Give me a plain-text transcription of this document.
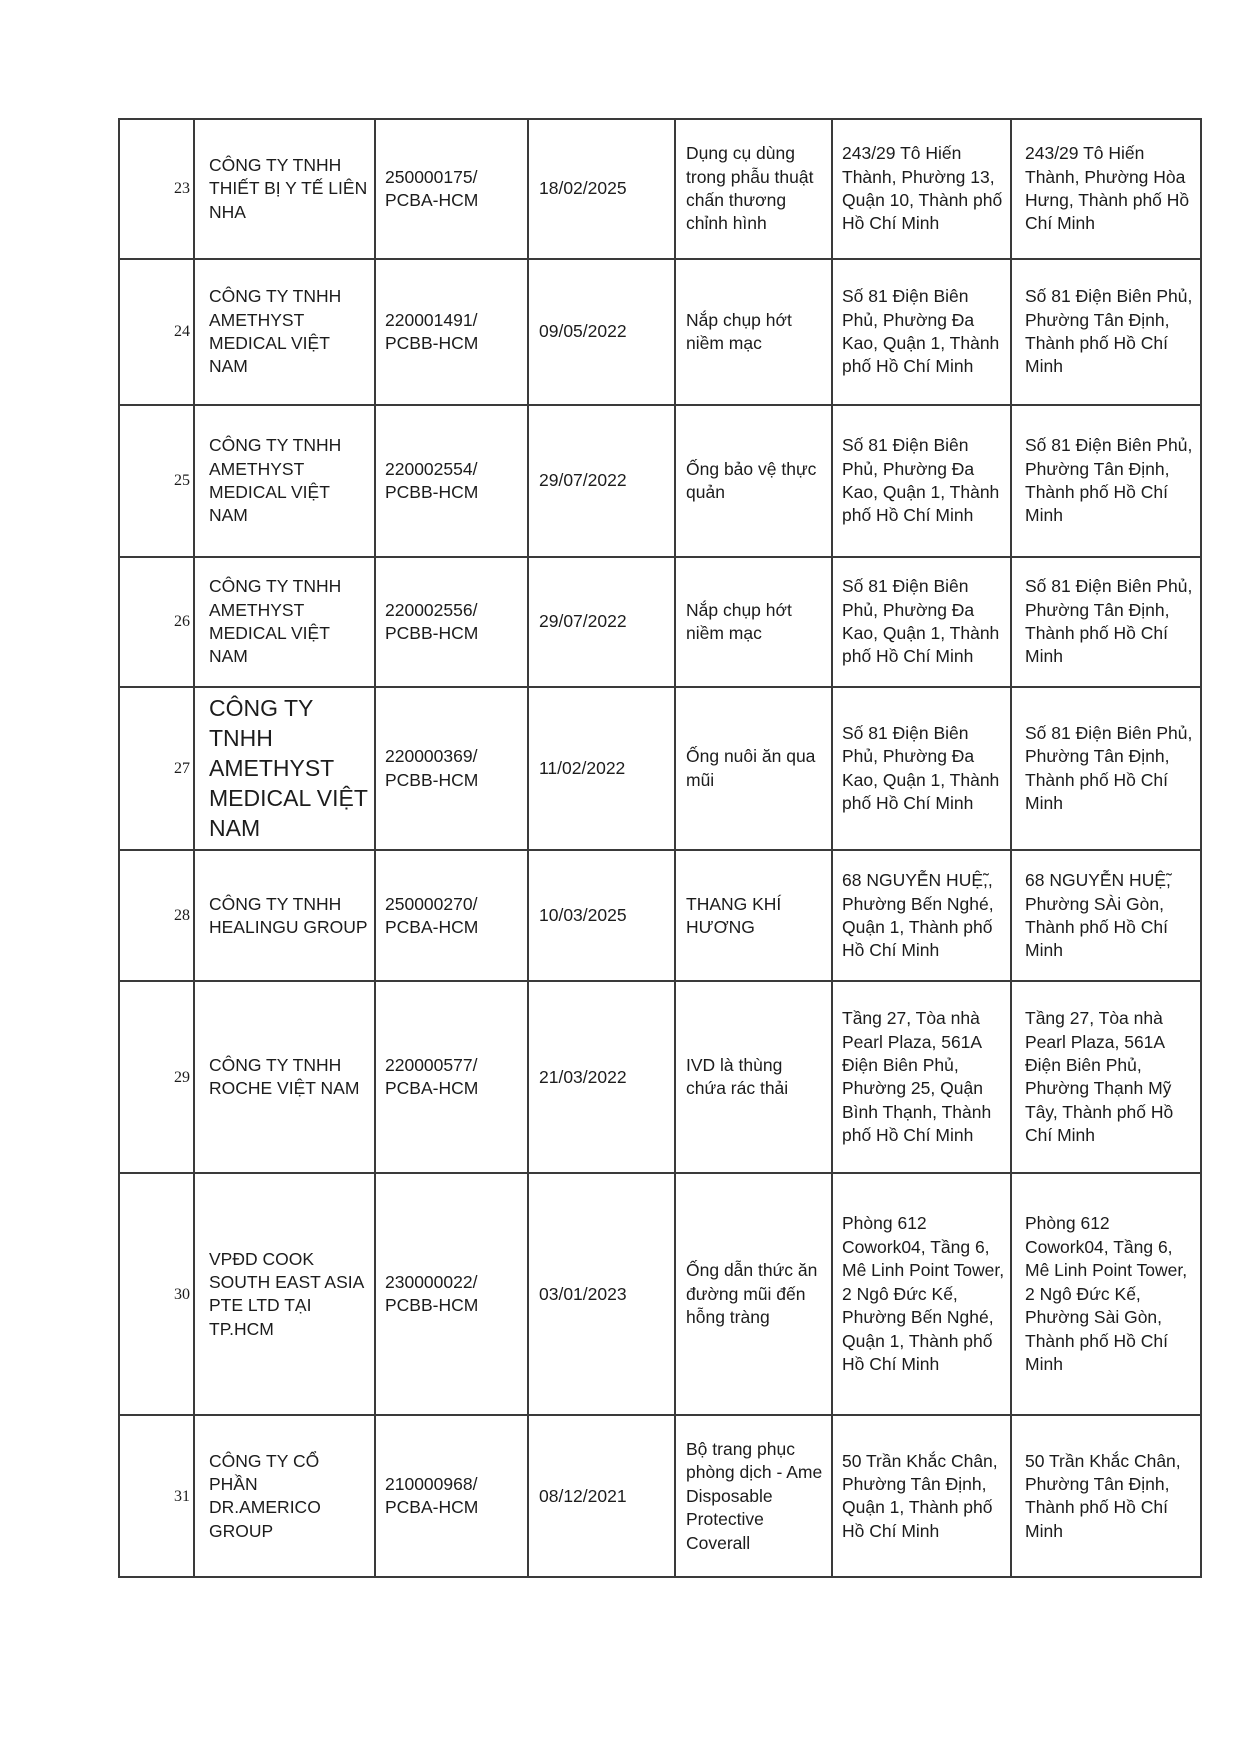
23	CÔNG TY TNHH THIẾT BỊ Y TẾ LIÊN NHA	250000175/
PCBA-HCM	18/02/2025	Dụng cụ dùng trong phẫu thuật chấn thương chỉnh hình	243/29 Tô Hiến Thành, Phường 13, Quận 10, Thành phố Hồ Chí Minh	243/29 Tô Hiến Thành, Phường Hòa Hưng, Thành phố Hồ Chí Minh
24	CÔNG TY TNHH AMETHYST MEDICAL VIỆT NAM	220001491/
PCBB-HCM	09/05/2022	Nắp chụp hớt niềm mạc	Số 81 Điện Biên Phủ, Phường Đa Kao, Quận 1, Thành phố Hồ Chí Minh	Số 81 Điện Biên Phủ, Phường Tân Định, Thành phố Hồ Chí Minh
25	CÔNG TY TNHH AMETHYST MEDICAL VIỆT NAM	220002554/
PCBB-HCM	29/07/2022	Ống bảo vệ thực quản	Số 81 Điện Biên Phủ, Phường Đa Kao, Quận 1, Thành phố Hồ Chí Minh	Số 81 Điện Biên Phủ, Phường Tân Định, Thành phố Hồ Chí Minh
26	CÔNG TY TNHH AMETHYST MEDICAL VIỆT NAM	220002556/
PCBB-HCM	29/07/2022	Nắp chụp hớt niềm mạc	Số 81 Điện Biên Phủ, Phường Đa Kao, Quận 1, Thành phố Hồ Chí Minh	Số 81 Điện Biên Phủ, Phường Tân Định, Thành phố Hồ Chí Minh
27	CÔNG TY TNHH AMETHYST MEDICAL VIỆT NAM	220000369/
PCBB-HCM	11/02/2022	Ống nuôi ăn qua mũi	Số 81 Điện Biên Phủ, Phường Đa Kao, Quận 1, Thành phố Hồ Chí Minh	Số 81 Điện Biên Phủ, Phường Tân Định, Thành phố Hồ Chí Minh
28	CÔNG TY TNHH HEALINGU GROUP	250000270/
PCBA-HCM	10/03/2025	THANG KHÍ HƯƠNG	68 NGUYỄN HUỆ̃,, Phường Bến Nghé, Quận 1, Thành phố Hồ Chí Minh	68 NGUYỄN HUỆ̃, Phường SÀi Gòn, Thành phố Hồ Chí Minh
29	CÔNG TY TNHH ROCHE VIỆT NAM	220000577/
PCBA-HCM	21/03/2022	IVD là thùng chứa rác thải	Tầng 27, Tòa nhà Pearl Plaza, 561A Điện Biên Phủ, Phường 25, Quận Bình Thạnh, Thành phố Hồ Chí Minh	Tầng 27, Tòa nhà Pearl Plaza, 561A Điện Biên Phủ, Phường Thạnh Mỹ Tây, Thành phố Hồ Chí Minh
30	VPĐD COOK SOUTH EAST ASIA PTE LTD TẠI TP.HCM	230000022/
PCBB-HCM	03/01/2023	Ống dẫn thức ăn đường mũi đến hỗng tràng	Phòng 612 Cowork04, Tầng 6, Mê Linh Point Tower, 2 Ngô Đức Kế, Phường Bến Nghé, Quận 1, Thành phố Hồ Chí Minh	Phòng 612 Cowork04, Tầng 6, Mê Linh Point Tower, 2 Ngô Đức Kế, Phường Sài Gòn, Thành phố Hồ Chí Minh
31	CÔNG TY CỔ PHẦN DR.AMERICO GROUP	210000968/
PCBA-HCM	08/12/2021	Bộ trang phục phòng dịch - Ame Disposable Protective Coverall	50 Trần Khắc Chân, Phường Tân Định, Quận 1, Thành phố Hồ Chí Minh	50 Trần Khắc Chân, Phường Tân Định, Thành phố Hồ Chí Minh
